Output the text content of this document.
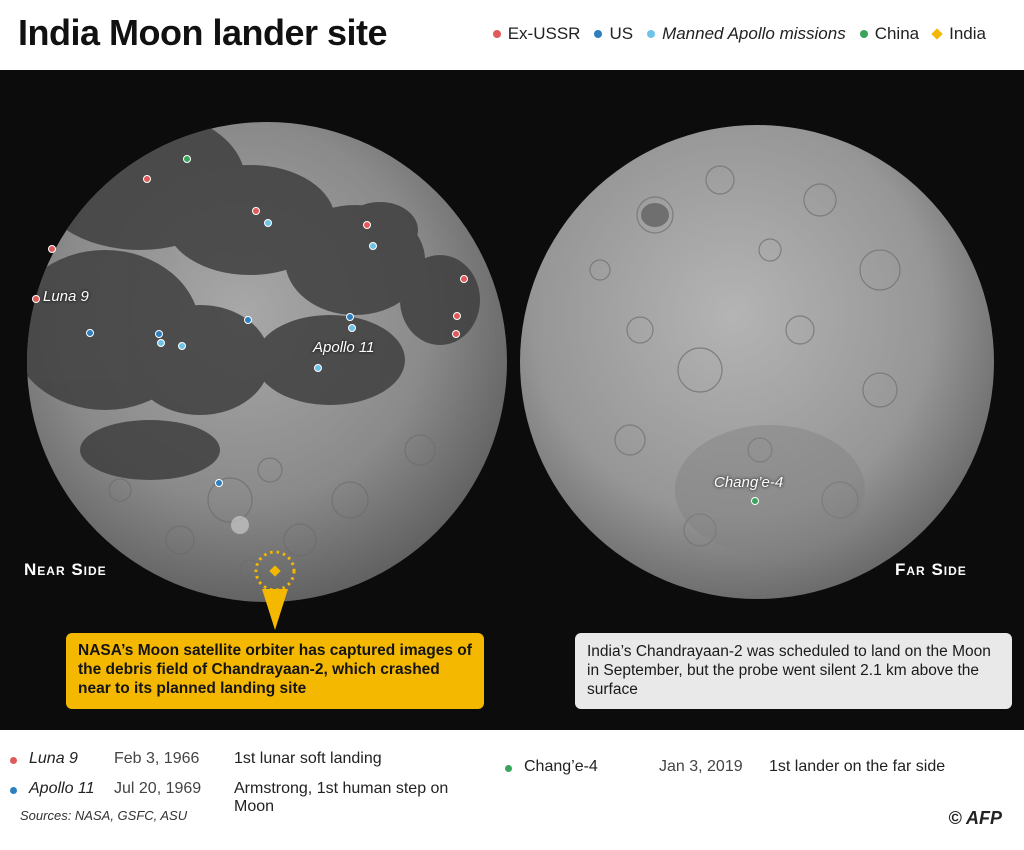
India Moon lander site	Ex-USSR US Manned Apollo missions China India
Luna 9
Apollo 11
Chang’e-4
Near Side	Far Side
NASA’s Moon satellite orbiter has captured images of the debris field of Chandrayaan-2, which crashed near to its planned landing site
India’s Chandrayaan-2 was scheduled to land on the Moon in September, but the probe went silent 2.1 km above the surface
Luna 9	Feb 3, 1966	1st lunar soft landing
Apollo 11	Jul 20, 1969	Armstrong, 1st human step on Moon
Chang’e-4	Jan 3, 2019	1st lander on the far side
Sources: NASA, GSFC, ASU	© AFP
